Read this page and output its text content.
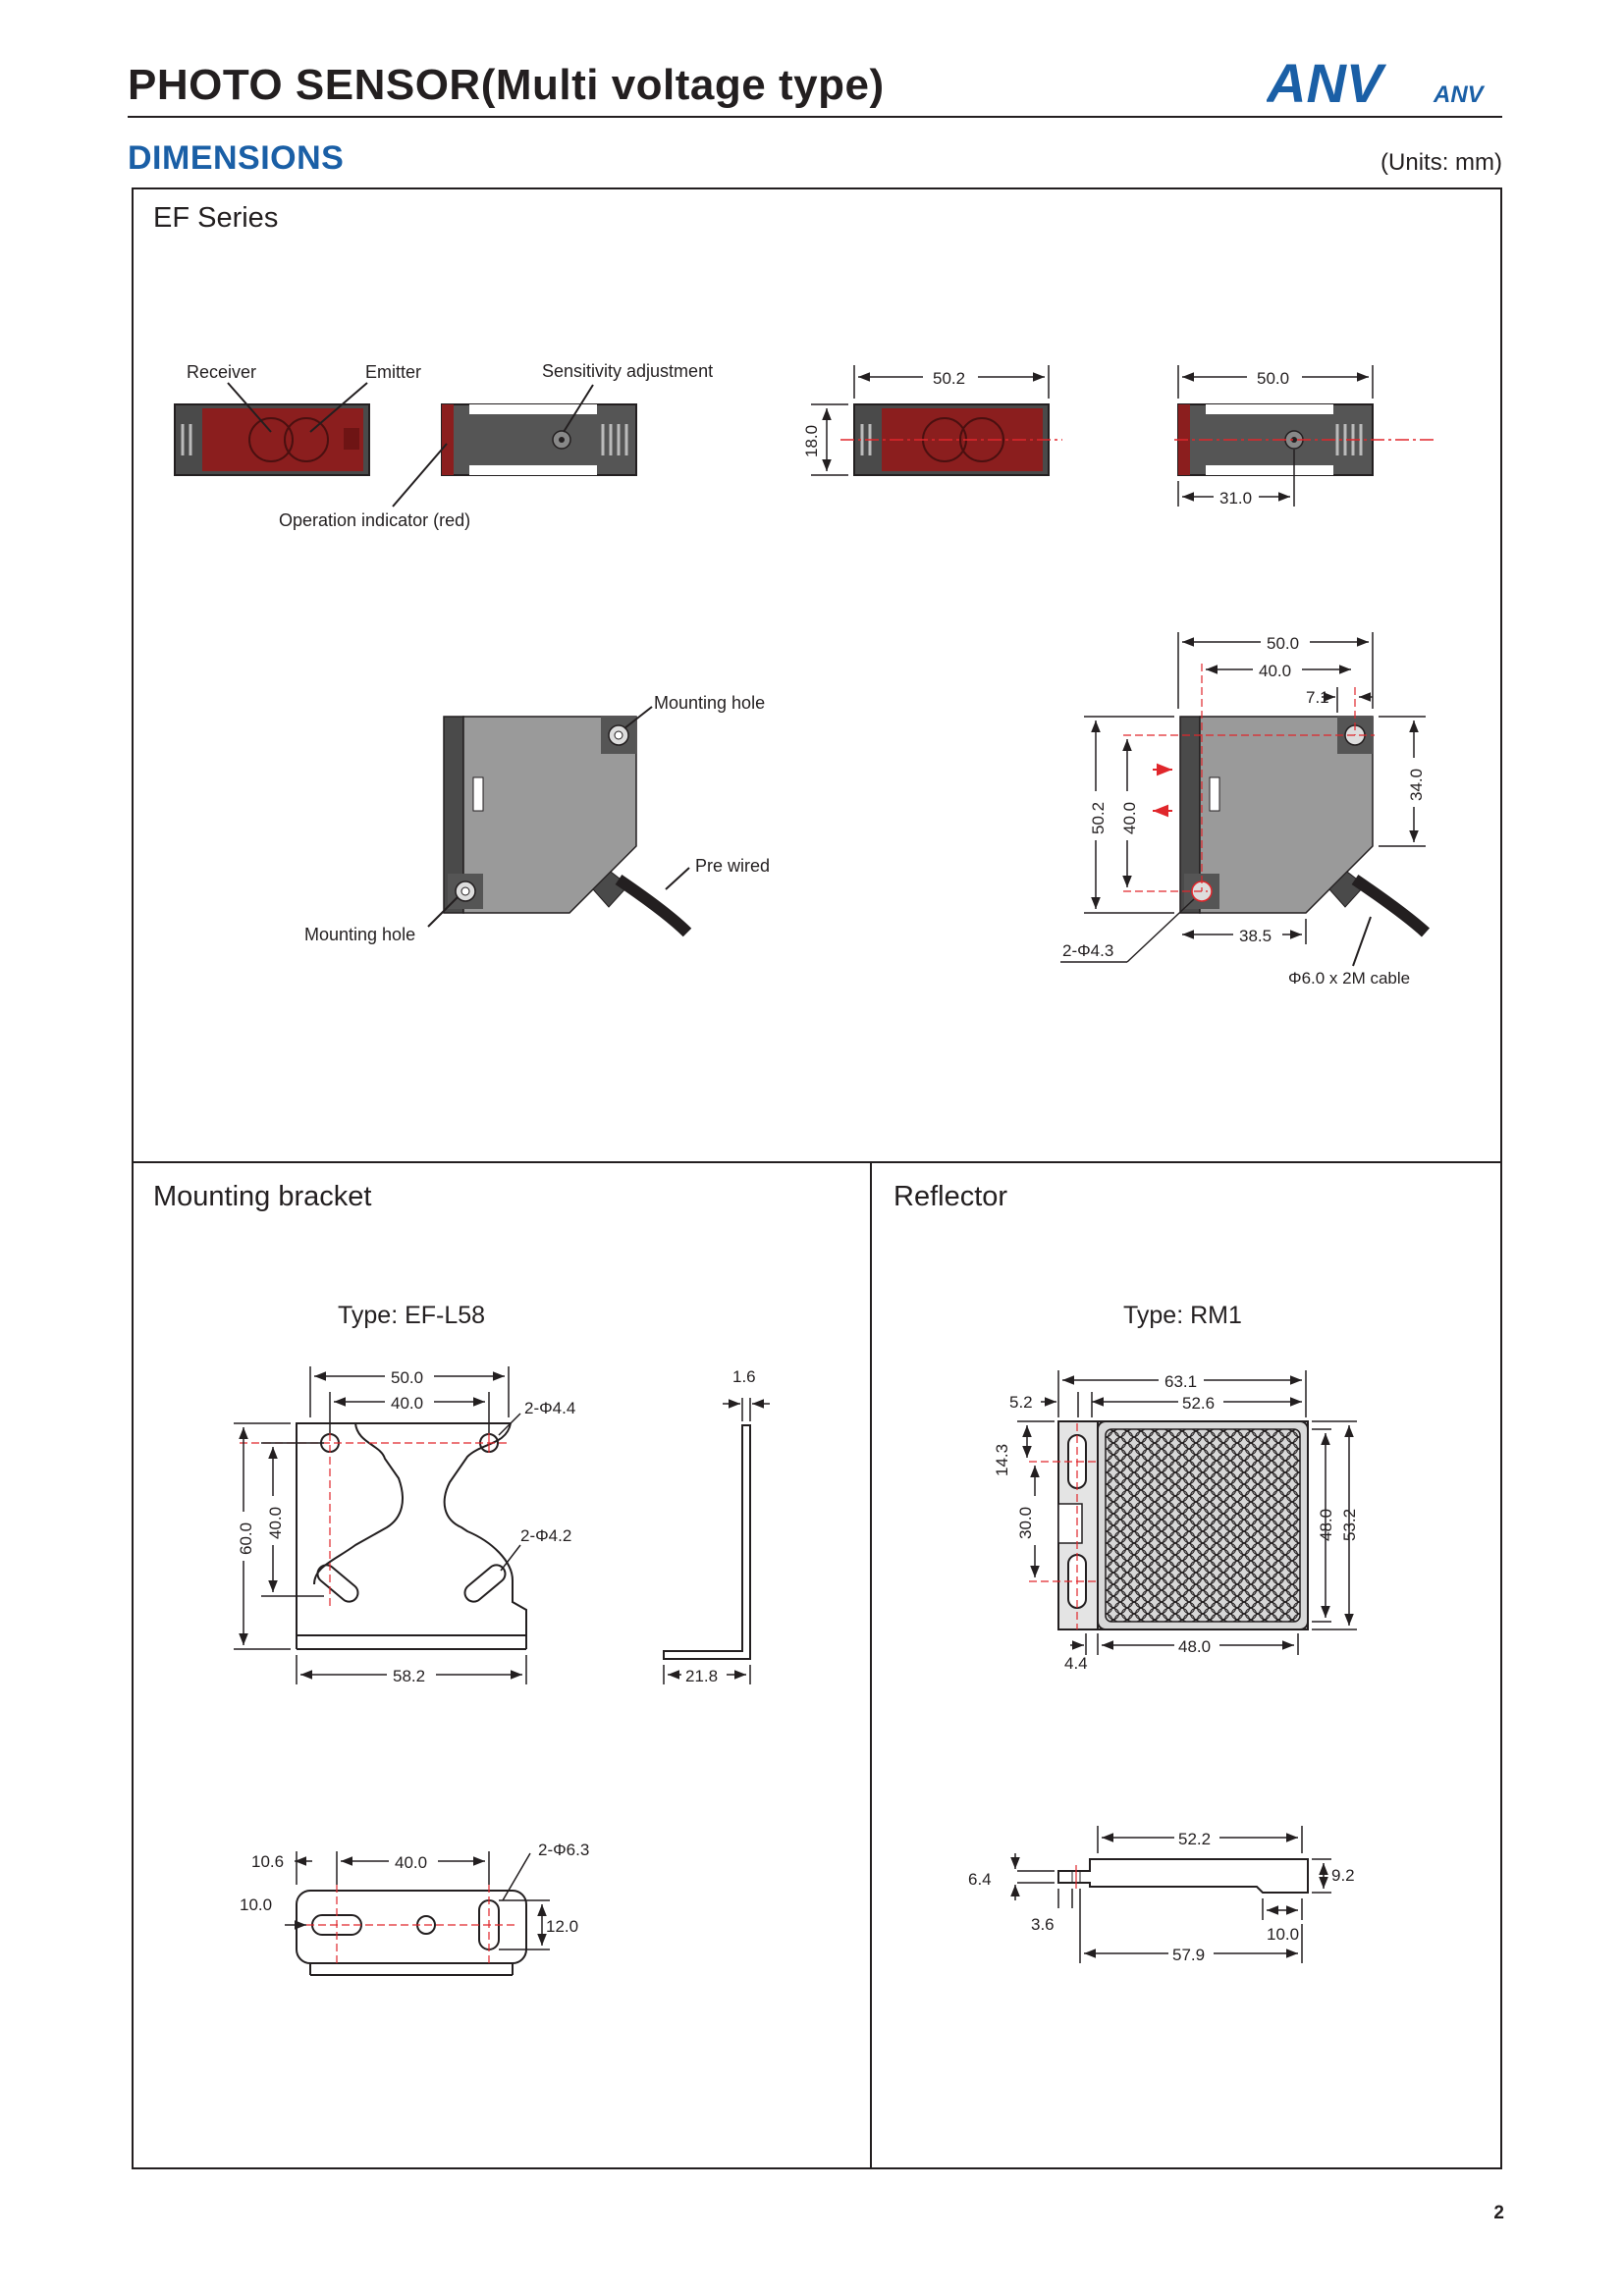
PHOTO SENSOR(Multi voltage type)	ANV ANV
DIMENSIONS	(Units: mm)
EF Series
Mounting bracket	Reflector
Type: EF-L58	Type: RM1
Receiver	Emitter	Sensitivity adjustment
Operation indicator (red)
50.2
18.0
50.0
31.0
Mounting hole
Pre wired
Mounting hole
50.0
40.0
7.1
50.2 40.0
34.0
38.5
2-Φ4.3
Φ6.0 x 2M cable
50.0
40.0	2-Φ4.4
60.0 40.0	2-Φ4.2
58.2
1.6
21.8
10.6	40.0
2-Φ6.3
10.0
12.0
63.1
52.6
5.2
14.3
30.0	48.0 53.2
4.4
48.0
52.2
6.4	9.2
3.6
10.0
57.9
2
